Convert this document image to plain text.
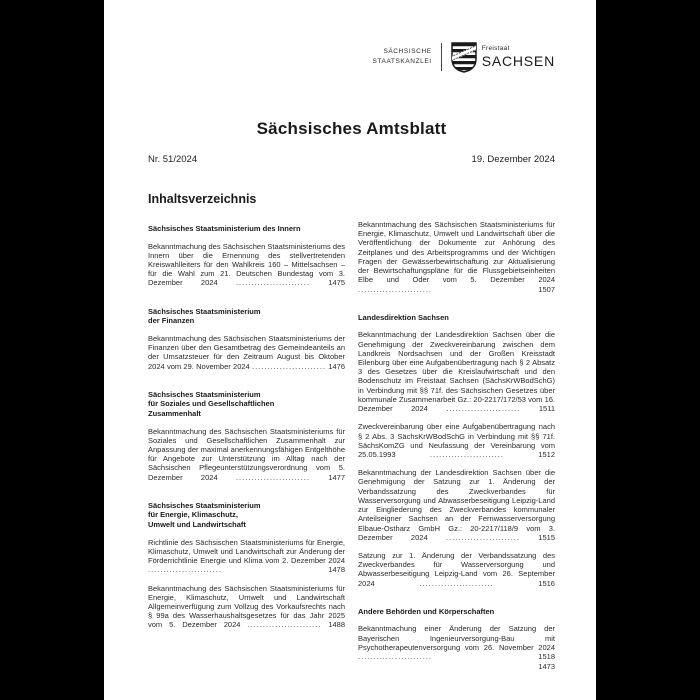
SÄCHSISCHE
STAATSKANZLEI
Freistaat
SACHSEN
Sächsisches Amtsblatt
Nr. 51/2024	19. Dezember 2024
Inhaltsverzeichnis
Sächsisches Staatsministerium des Innern

Bekanntmachung des Sächsischen Staatsministeriums des Innern über die Ernennung des stellvertretenden Kreiswahlleiters für den Wahlkreis 160 – Mittelsachsen – für die Wahl zum 21. Deutschen Bundestag vom 3. Dezember 2024 ........................ 1475

Sächsisches Staatsministerium
der Finanzen

Bekanntmachung des Sächsischen Staatsministeriums der Finanzen über den Gesamtbetrag des Gemeindeanteils an der Umsatzsteuer für den Zeitraum August bis Oktober 2024 vom 29. November 2024 ........................ 1476

Sächsisches Staatsministerium
für Soziales und Gesellschaftlichen
Zusammenhalt

Bekanntmachung des Sächsischen Staatsministeriums für Soziales und Gesellschaftlichen Zusammenhalt zur Anpassung der maximal anerkennungsfähigen Entgelthöhe für Angebote zur Unterstützung im Alltag nach der Sächsischen Pflegeunterstützungsverordnung vom 5. Dezember 2024 ........................ 1477

Sächsisches Staatsministerium
für Energie, Klimaschutz,
Umwelt und Landwirtschaft

Richtlinie des Sächsischen Staatsministeriums für Energie, Klimaschutz, Umwelt und Landwirtschaft zur Änderung der Förderrichtlinie Energie und Klima vom 2. Dezember 2024 ........................ 1478

Bekanntmachung des Sächsischen Staatsministeriums für Energie, Klimaschutz, Umwelt und Landwirtschaft Allgemeinverfügung zum Vollzug des Vorkaufsrechts nach § 99a des Wasserhaushaltsgesetzes für das Jahr 2025 vom 5. Dezember 2024 ........................ 1488

Bekanntmachung des Sächsischen Staatsministeriums für Energie, Klimaschutz, Umwelt und Landwirtschaft über die Veröffentlichung der Dokumente zur Anhörung des Zeitplanes und des Arbeitsprogramms und der Wichtigen Fragen der Gewässerbewirtschaftung zur Aktualisierung der Bewirtschaftungspläne für die Flussgebietseinheiten Elbe und Oder vom 5. Dezember 2024 ........................ 1507

Landesdirektion Sachsen

Bekanntmachung der Landesdirektion Sachsen über die Genehmigung der Zweckvereinbarung zwischen dem Landkreis Nordsachsen und der Großen Kreisstadt Eilenburg über eine Aufgabenübertragung nach § 2 Absatz 3 des Gesetzes über die Kreislaufwirtschaft und den Bodenschutz im Freistaat Sachsen (SächsKrWBodSchG) in Verbindung mit §§ 71f. des Sächsischen Gesetzes über kommunale Zusammenarbeit Gz.: 20-2217/172/53 vom 16. Dezember 2024 ........................ 1511

Zweckvereinbarung über eine Aufgabenübertragung nach § 2 Abs. 3 SächsKrWBodSchG in Verbindung mit §§ 71f. SächsKomZG und Neufassung der Vereinbarung vom 25.05.1993 ........................ 1512

Bekanntmachung der Landesdirektion Sachsen über die Genehmigung der Satzung zur 1. Änderung der Verbandssatzung des Zweckverbandes für Wasserversorgung und Abwasserbeseitigung Leipzig-Land zur Eingliederung des Zweckverbandes kommunaler Anteilseigner Sachsen an der Fernwasserversorgung Elbaue-Ostharz GmbH Gz.: 20-2217/118/9 vom 3. Dezember 2024 ........................ 1515

Satzung zur 1. Änderung der Verbandssatzung des Zweckverbandes für Wasserversorgung und Abwasserbeseitigung Leipzig-Land vom 26. September 2024 ........................ 1516

Andere Behörden und Körperschaften

Bekanntmachung einer Änderung der Satzung der Bayerischen Ingenieurversorgung-Bau mit Psychotherapeutenversorgung vom 26. November 2024 ........................ 1518

1473
